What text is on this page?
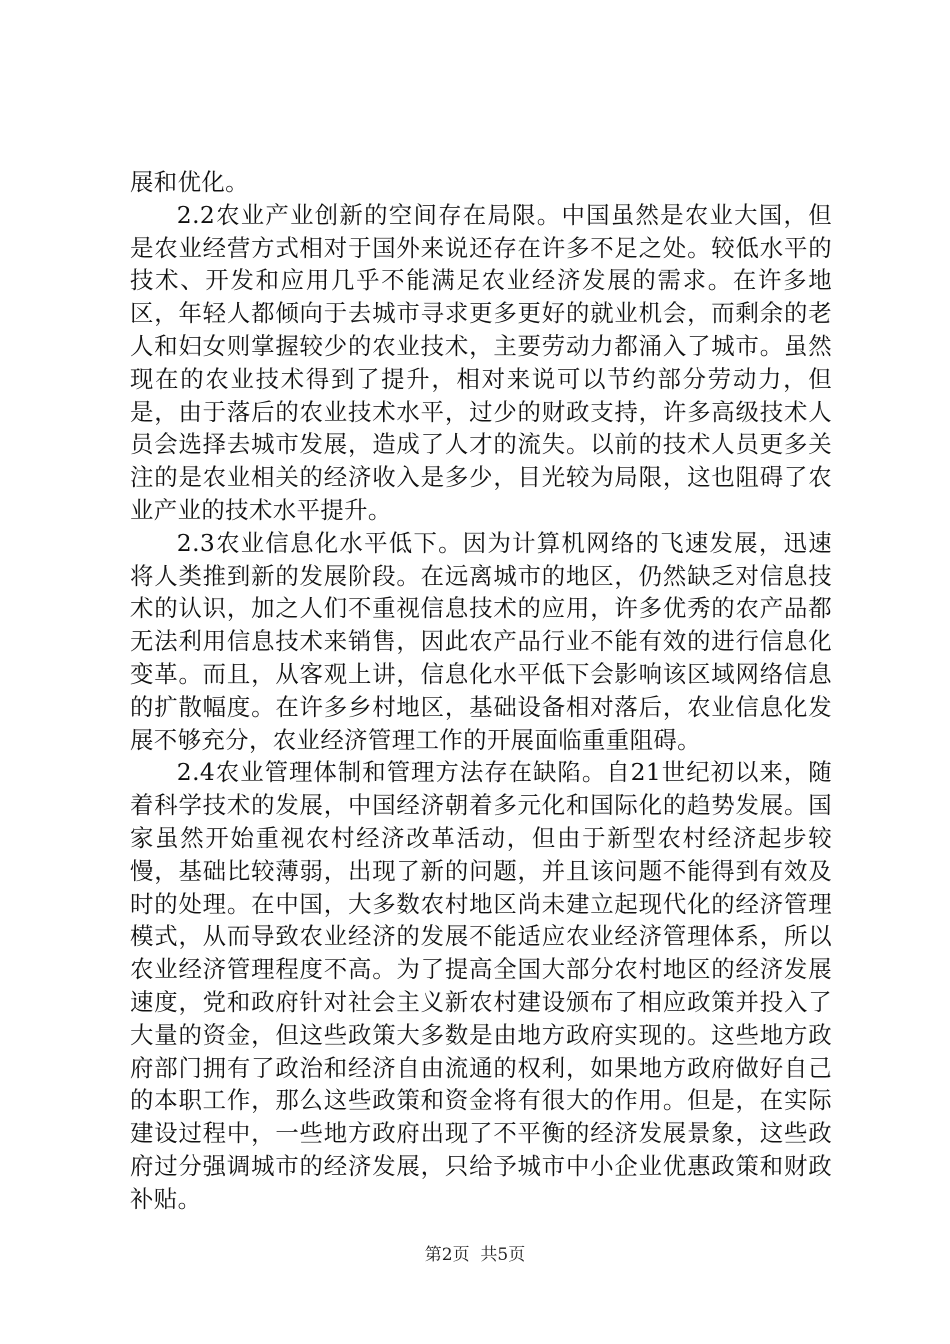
展和优化。

2.2农业产业创新的空间存在局限。中国虽然是农业大国，但是农业经营方式相对于国外来说还存在许多不足之处。较低水平的技术、开发和应用几乎不能满足农业经济发展的需求。在许多地区，年轻人都倾向于去城市寻求更多更好的就业机会，而剩余的老人和妇女则掌握较少的农业技术，主要劳动力都涌入了城市。虽然现在的农业技术得到了提升，相对来说可以节约部分劳动力，但是，由于落后的农业技术水平，过少的财政支持，许多高级技术人员会选择去城市发展，造成了人才的流失。以前的技术人员更多关注的是农业相关的经济收入是多少，目光较为局限，这也阻碍了农业产业的技术水平提升。

2.3农业信息化水平低下。因为计算机网络的飞速发展，迅速将人类推到新的发展阶段。在远离城市的地区，仍然缺乏对信息技术的认识，加之人们不重视信息技术的应用，许多优秀的农产品都无法利用信息技术来销售，因此农产品行业不能有效的进行信息化变革。而且，从客观上讲，信息化水平低下会影响该区域网络信息的扩散幅度。在许多乡村地区，基础设备相对落后，农业信息化发展不够充分，农业经济管理工作的开展面临重重阻碍。

2.4农业管理体制和管理方法存在缺陷。自21世纪初以来，随着科学技术的发展，中国经济朝着多元化和国际化的趋势发展。国家虽然开始重视农村经济改革活动，但由于新型农村经济起步较慢，基础比较薄弱，出现了新的问题，并且该问题不能得到有效及时的处理。在中国，大多数农村地区尚未建立起现代化的经济管理模式，从而导致农业经济的发展不能适应农业经济管理体系，所以农业经济管理程度不高。为了提高全国大部分农村地区的经济发展速度，党和政府针对社会主义新农村建设颁布了相应政策并投入了大量的资金，但这些政策大多数是由地方政府实现的。这些地方政府部门拥有了政治和经济自由流通的权利，如果地方政府做好自己的本职工作，那么这些政策和资金将有很大的作用。但是，在实际建设过程中，一些地方政府出现了不平衡的经济发展景象，这些政府过分强调城市的经济发展，只给予城市中小企业优惠政策和财政补贴。

第2页  共5页
